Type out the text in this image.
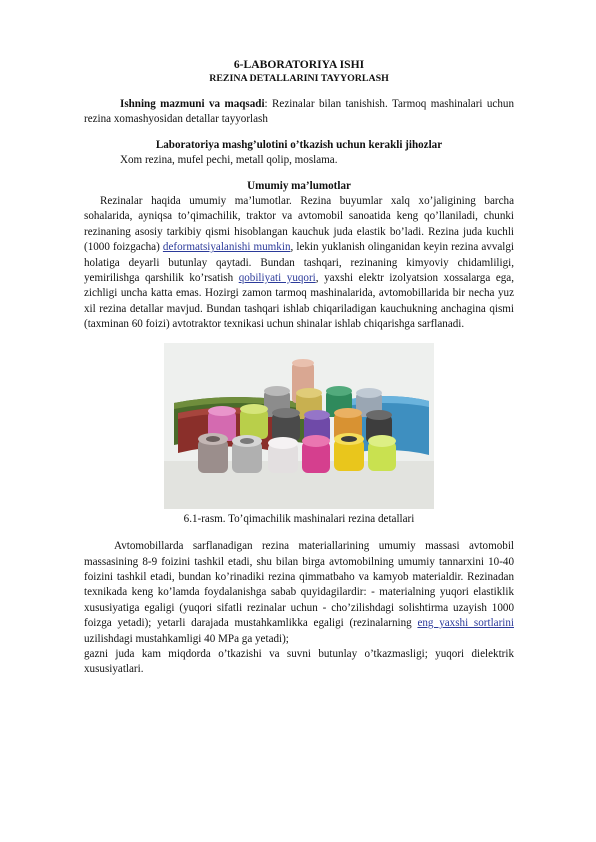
6-LABORATORIYA ISHI

REZINA DETALLARINI TAYYORLASH

Ishning mazmuni va maqsadi: Rezinalar bilan tanishish. Tarmoq mashinalari uchun rezina xomashyosidan detallar tayyorlash

Laboratoriya mashg’ulotini o’tkazish uchun kerakli jihozlar

Xom rezina, mufel pechi, metall qolip, moslama.

Umumiy ma’lumotlar

Rezinalar haqida umumiy ma’lumotlar. Rezina buyumlar xalq xo’jaligining barcha sohalarida, ayniqsa to’qimachilik, traktor va avtomobil sanoatida keng qo’llaniladi, chunki rezinaning asosiy tarkibiy qismi hisoblangan kauchuk juda elastik bo’ladi. Rezina juda kuchli (1000 foizgacha) deformatsiyalanishi mumkin, lekin yuklanish olinganidan keyin rezina avvalgi holatiga deyarli butunlay qaytadi. Bundan tashqari, rezinaning kimyoviy chidamliligi, yemirilishga qarshilik ko’rsatish qobiliyati yuqori, yaxshi elektr izolyatsion xossalarga ega, zichligi uncha katta emas. Hozirgi zamon tarmoq mashinalarida, avtomobillarida bir necha yuz xil rezina detallar mavjud. Bundan tashqari ishlab chiqariladigan kauchukning anchagina qismi (taxminan 60 foizi) avtotraktor texnikasi uchun shinalar ishlab chiqarishga sarflanadi.

6.1-rasm. To’qimachilik mashinalari rezina detallari

Avtomobillarda sarflanadigan rezina materiallarining umumiy massasi avtomobil massasining 8-9 foizini tashkil etadi, shu bilan birga avtomobilning umumiy tannarxini 10-40 foizini tashkil etadi, bundan ko’rinadiki rezina qimmatbaho va kamyob materialdir. Rezinadan texnikada keng ko’lamda foydalanishga sabab quyidagilardir: - materialning yuqori elastiklik xususiyatiga egaligi (yuqori sifatli rezinalar uchun - cho’zilishdagi solishtirma uzayish 1000 foizga yetadi); yetarli darajada mustahkamlikka egaligi (rezinalarning eng yaxshi sortlarini uzilishdagi mustahkamligi 40 MPa ga yetadi);

gazni juda kam miqdorda o’tkazishi va suvni butunlay o’tkazmasligi; yuqori dielektrik xususiyatlari.
